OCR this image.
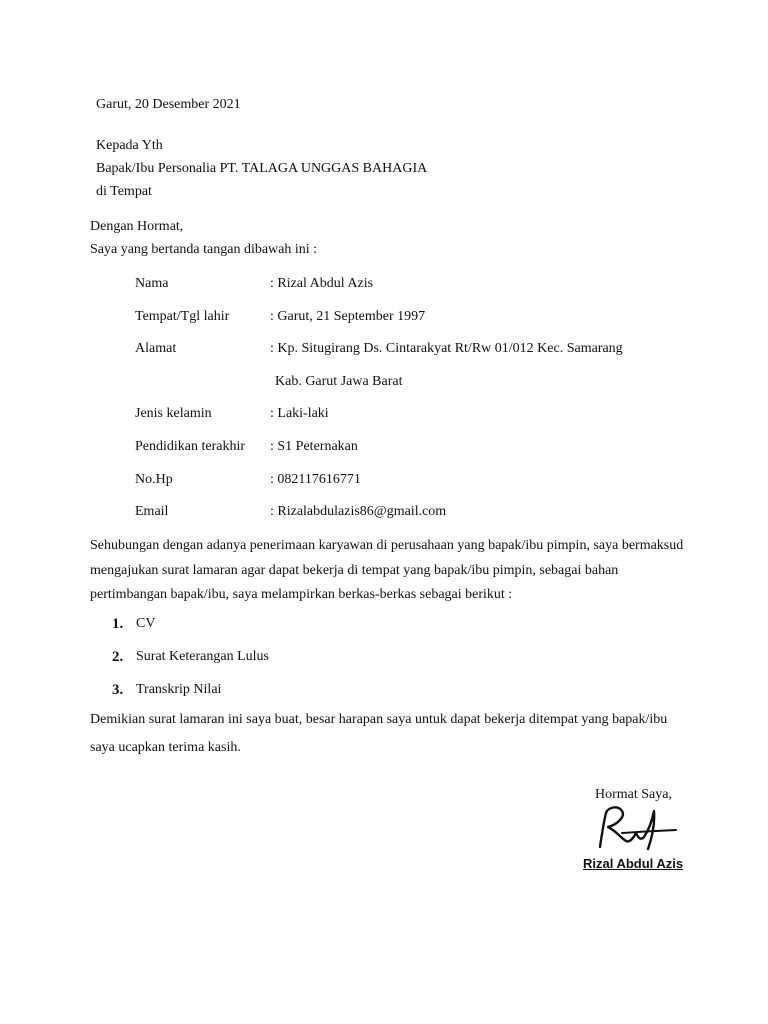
Garut, 20 Desember 2021
Kepada Yth
Bapak/Ibu Personalia PT. TALAGA UNGGAS BAHAGIA
di Tempat
Dengan Hormat,
Saya yang bertanda tangan dibawah ini :
Nama	: Rizal Abdul Azis
Tempat/Tgl lahir	: Garut, 21 September 1997
Alamat	: Kp. Situgirang Ds. Cintarakyat Rt/Rw 01/012 Kec. Samarang
Kab. Garut Jawa Barat
Jenis kelamin	: Laki-laki
Pendidikan terakhir : S1 Peternakan
No.Hp	: 082117616771
Email	: Rizalabdulazis86@gmail.com
Sehubungan dengan adanya penerimaan karyawan di perusahaan yang bapak/ibu pimpin, saya bermaksud
mengajukan surat lamaran agar dapat bekerja di tempat yang bapak/ibu pimpin, sebagai bahan
pertimbangan bapak/ibu, saya melampirkan berkas-berkas sebagai berikut :
1. CV
2. Surat Keterangan Lulus
3. Transkrip Nilai
Demikian surat lamaran ini saya buat, besar harapan saya untuk dapat bekerja ditempat yang bapak/ibu
saya ucapkan terima kasih.
Hormat Saya,
Rizal Abdul Azis
